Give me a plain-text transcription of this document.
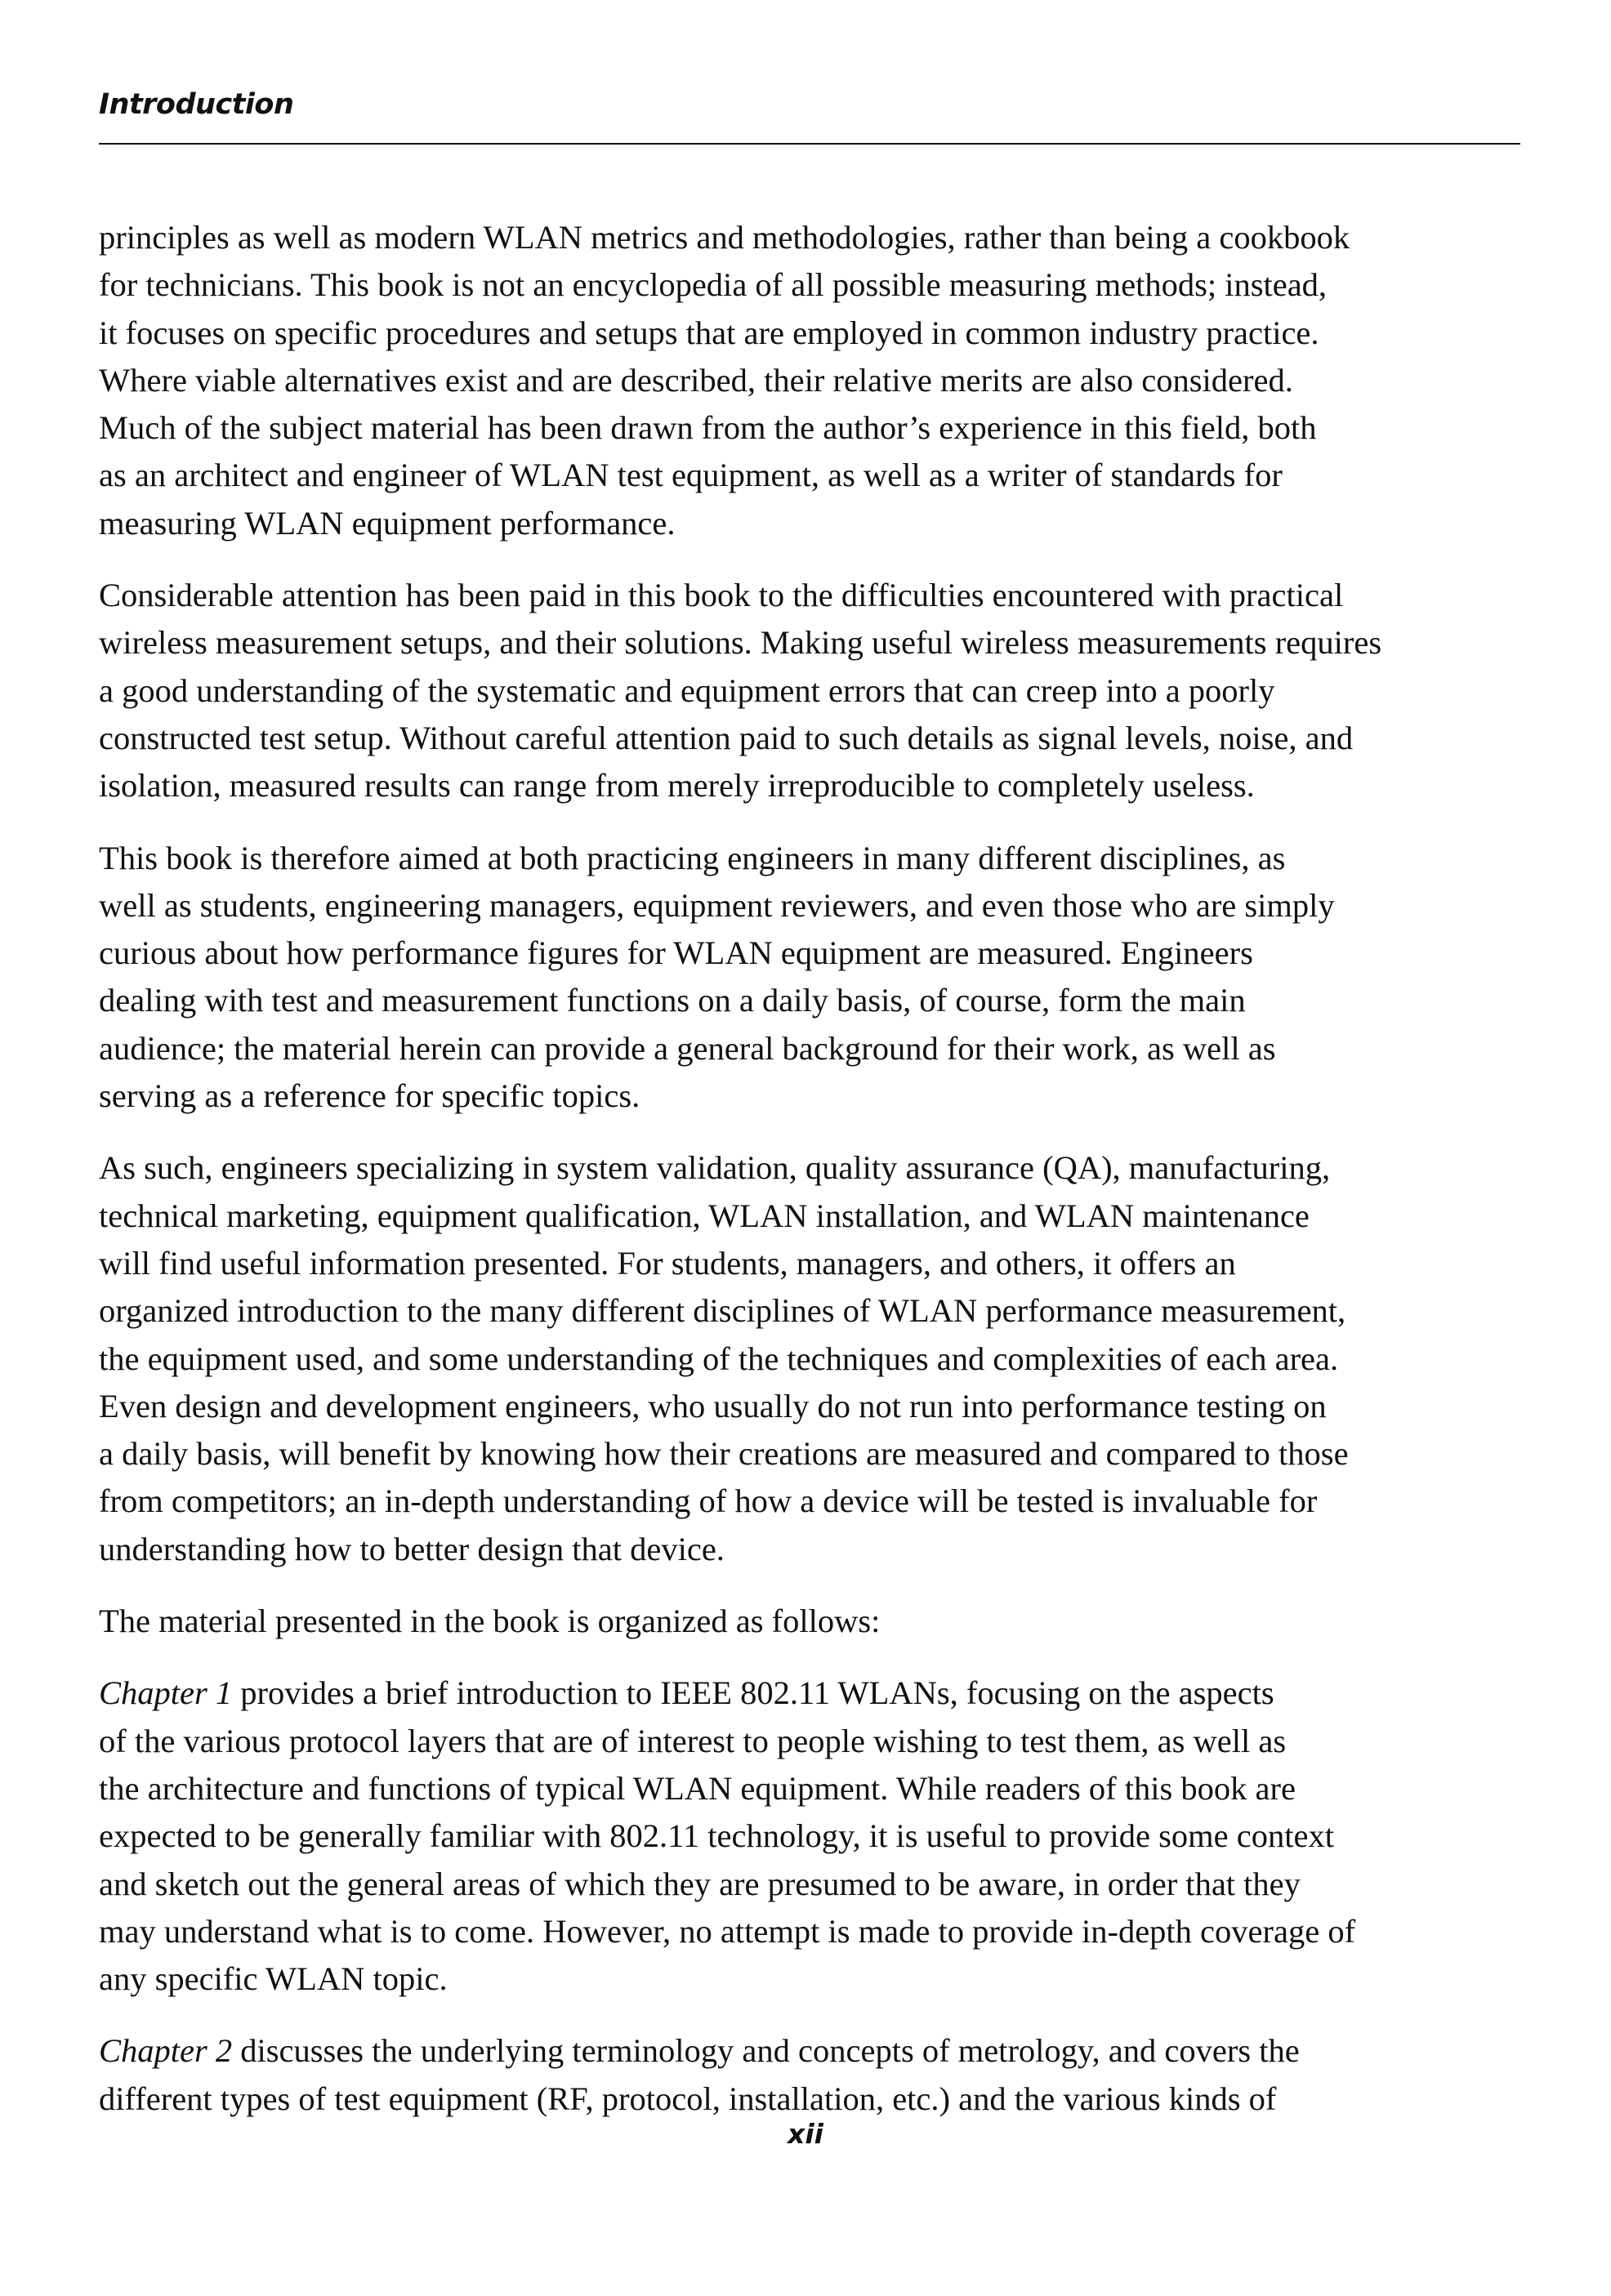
Introduction

principles as well as modern WLAN metrics and methodologies, rather than being a cookbook
for technicians. This book is not an encyclopedia of all possible measuring methods; instead,
it focuses on specific procedures and setups that are employed in common industry practice.
Where viable alternatives exist and are described, their relative merits are also considered.
Much of the subject material has been drawn from the author’s experience in this field, both
as an architect and engineer of WLAN test equipment, as well as a writer of standards for
measuring WLAN equipment performance.

Considerable attention has been paid in this book to the difficulties encountered with practical
wireless measurement setups, and their solutions. Making useful wireless measurements requires
a good understanding of the systematic and equipment errors that can creep into a poorly
constructed test setup. Without careful attention paid to such details as signal levels, noise, and
isolation, measured results can range from merely irreproducible to completely useless.

This book is therefore aimed at both practicing engineers in many different disciplines, as
well as students, engineering managers, equipment reviewers, and even those who are simply
curious about how performance figures for WLAN equipment are measured. Engineers
dealing with test and measurement functions on a daily basis, of course, form the main
audience; the material herein can provide a general background for their work, as well as
serving as a reference for specific topics.

As such, engineers specializing in system validation, quality assurance (QA), manufacturing,
technical marketing, equipment qualification, WLAN installation, and WLAN maintenance
will find useful information presented. For students, managers, and others, it offers an
organized introduction to the many different disciplines of WLAN performance measurement,
the equipment used, and some understanding of the techniques and complexities of each area.
Even design and development engineers, who usually do not run into performance testing on
a daily basis, will benefit by knowing how their creations are measured and compared to those
from competitors; an in-depth understanding of how a device will be tested is invaluable for
understanding how to better design that device.

The material presented in the book is organized as follows:

Chapter 1 provides a brief introduction to IEEE 802.11 WLANs, focusing on the aspects
of the various protocol layers that are of interest to people wishing to test them, as well as
the architecture and functions of typical WLAN equipment. While readers of this book are
expected to be generally familiar with 802.11 technology, it is useful to provide some context
and sketch out the general areas of which they are presumed to be aware, in order that they
may understand what is to come. However, no attempt is made to provide in-depth coverage of
any specific WLAN topic.

Chapter 2 discusses the underlying terminology and concepts of metrology, and covers the
different types of test equipment (RF, protocol, installation, etc.) and the various kinds of

xii
